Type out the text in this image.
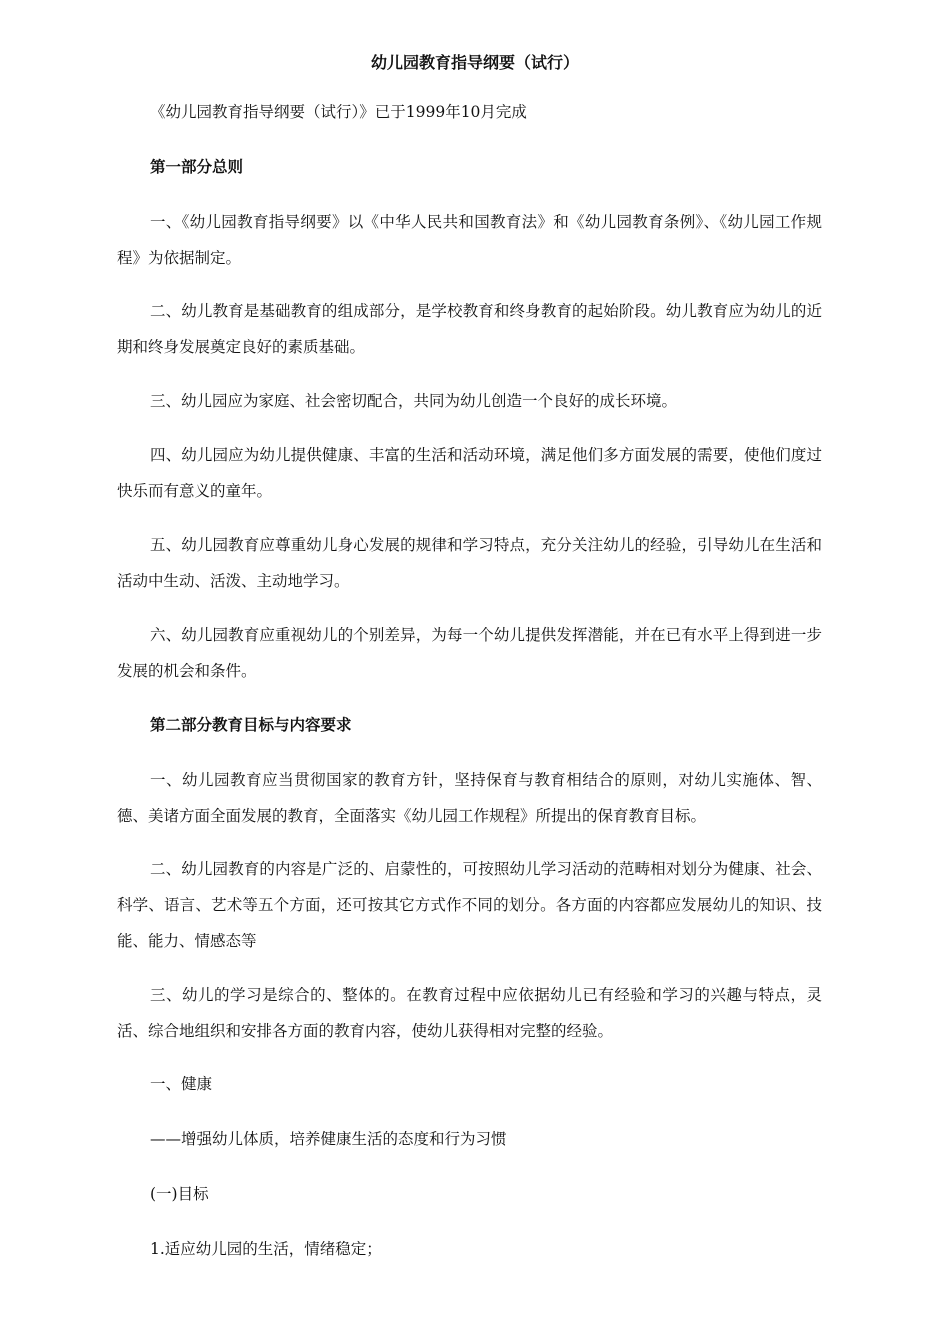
幼儿园教育指导纲要（试行）
《幼儿园教育指导纲要（试行）》已于1999年10月完成
第一部分总则
一、《幼儿园教育指导纲要》以《中华人民共和国教育法》和《幼儿园教育条例》、《幼儿园工作规程》为依据制定。
二、幼儿教育是基础教育的组成部分，是学校教育和终身教育的起始阶段。幼儿教育应为幼儿的近期和终身发展奠定良好的素质基础。
三、幼儿园应为家庭、社会密切配合，共同为幼儿创造一个良好的成长环境。
四、幼儿园应为幼儿提供健康、丰富的生活和活动环境，满足他们多方面发展的需要，使他们度过快乐而有意义的童年。
五、幼儿园教育应尊重幼儿身心发展的规律和学习特点，充分关注幼儿的经验，引导幼儿在生活和活动中生动、活泼、主动地学习。
六、幼儿园教育应重视幼儿的个别差异，为每一个幼儿提供发挥潜能，并在已有水平上得到进一步发展的机会和条件。
第二部分教育目标与内容要求
一、幼儿园教育应当贯彻国家的教育方针，坚持保育与教育相结合的原则，对幼儿实施体、智、德、美诸方面全面发展的教育，全面落实《幼儿园工作规程》所提出的保育教育目标。
二、幼儿园教育的内容是广泛的、启蒙性的，可按照幼儿学习活动的范畴相对划分为健康、社会、科学、语言、艺术等五个方面，还可按其它方式作不同的划分。各方面的内容都应发展幼儿的知识、技能、能力、情感态等
三、幼儿的学习是综合的、整体的。在教育过程中应依据幼儿已有经验和学习的兴趣与特点，灵活、综合地组织和安排各方面的教育内容，使幼儿获得相对完整的经验。
一、健康
——增强幼儿体质，培养健康生活的态度和行为习惯
(一)目标
1.适应幼儿园的生活，情绪稳定；
